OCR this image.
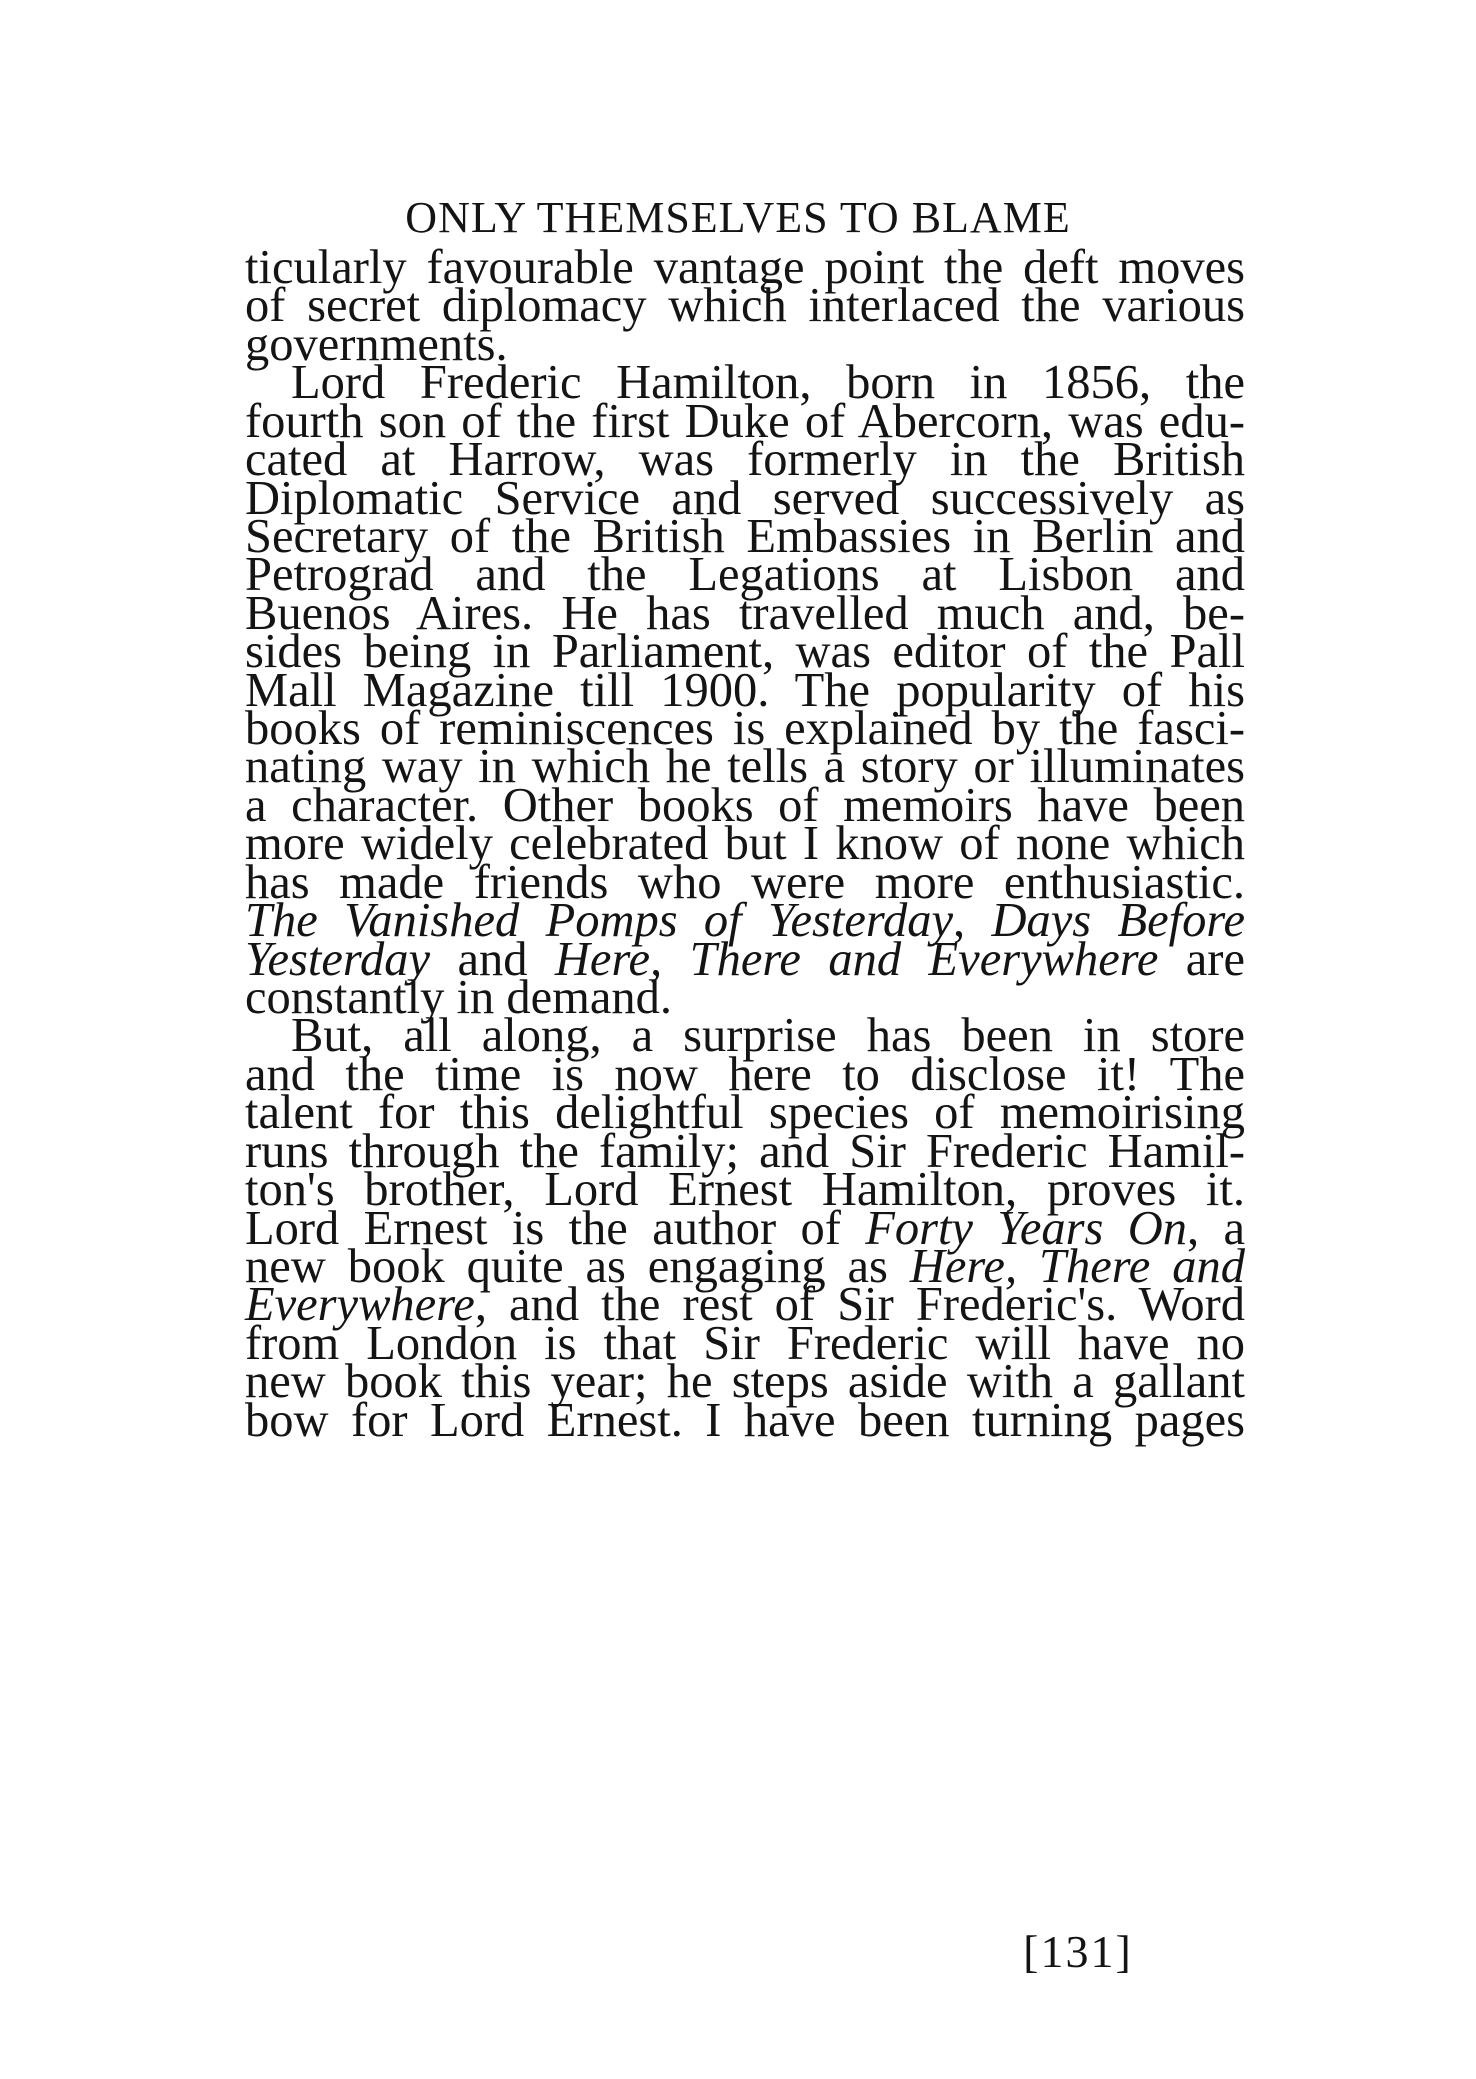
ONLY THEMSELVES TO BLAME
ticularly favourable vantage point the deft moves
of secret diplomacy which interlaced the various
governments.
Lord Frederic Hamilton, born in 1856, the
fourth son of the first Duke of Abercorn, was edu-
cated at Harrow, was formerly in the British
Diplomatic Service and served successively as
Secretary of the British Embassies in Berlin and
Petrograd and the Legations at Lisbon and
Buenos Aires. He has travelled much and, be-
sides being in Parliament, was editor of the Pall
Mall Magazine till 1900. The popularity of his
books of reminiscences is explained by the fasci-
nating way in which he tells a story or illuminates
a character. Other books of memoirs have been
more widely celebrated but I know of none which
has made friends who were more enthusiastic.
The Vanished Pomps of Yesterday, Days Before
Yesterday and Here, There and Everywhere are
constantly in demand.
But, all along, a surprise has been in store
and the time is now here to disclose it! The
talent for this delightful species of memoirising
runs through the family; and Sir Frederic Hamil-
ton's brother, Lord Ernest Hamilton, proves it.
Lord Ernest is the author of Forty Years On, a
new book quite as engaging as Here, There and
Everywhere, and the rest of Sir Frederic's. Word
from London is that Sir Frederic will have no
new book this year; he steps aside with a gallant
bow for Lord Ernest. I have been turning pages
[131]
